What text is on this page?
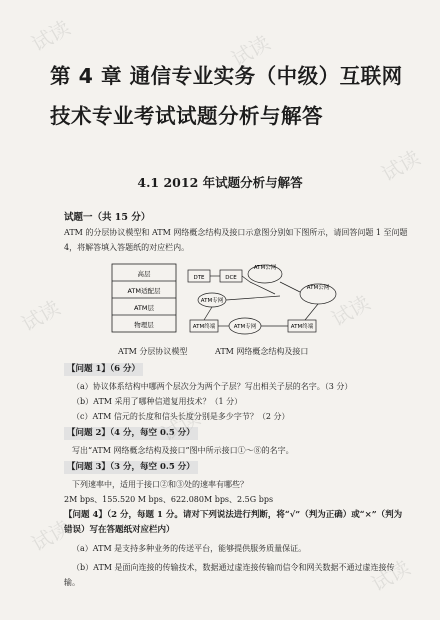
第 4 章 通信专业实务（中级）互联网
技术专业考试试题分析与解答
4.1 2012 年试题分析与解答
试题一（共 15 分）
ATM 的分层协议模型和 ATM 网络概念结构及接口示意图分别如下图所示，请回答问题 1 至问题 4，将解答填入答题纸的对应栏内。
高层
ATM适配层
ATM层
物理层
DTE	DCE
ATM公网
ATM公网
ATM专网
ATM专网
ATM终端	ATM终端
ATM 分层协议模型	ATM 网络概念结构及接口
【问题 1】（6 分）
（a）协议体系结构中哪两个层次分为两个子层？写出相关子层的名字。（3 分）
（b）ATM 采用了哪种信道复用技术？（1 分）
（c）ATM 信元的长度和信头长度分别是多少字节？（2 分）
【问题 2】（4 分，每空 0.5 分）
写出“ATM 网络概念结构及接口”图中所示接口①～⑧的名字。
【问题 3】（3 分，每空 0.5 分）
下列速率中，适用于接口②和③处的速率有哪些？
2M bps、155.520 M bps、622.080M bps、2.5G bps
【问题 4】（2 分，每题 1 分。请对下列说法进行判断，将“√”（判为正确）或“×”（判为错误）写在答题纸对应栏内）
（a）ATM 是支持多种业务的传送平台，能够提供服务质量保证。
（b）ATM 是面向连接的传输技术，数据通过虚连接传输而信令和网关数据不通过虚连接传输。
试读	试读
试读
试读	试读
试读
试读
试读
